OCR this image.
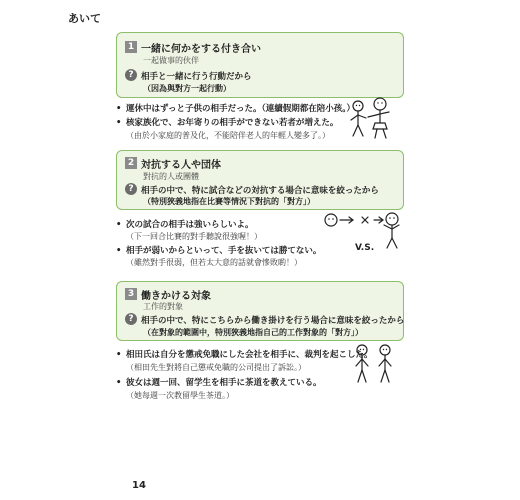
あいて
1 一緒に何かをする付き合い
一起做事的伙伴
? 相手と一緒に行う行動だから
（因為與對方一起行動）
• 運休中はずっと子供の相手だった。（連續假期都在陪小孩。）
• 核家族化で、お年寄りの相手ができない若者が増えた。
（由於小家庭的普及化，不能陪伴老人的年輕人變多了。）
2 対抗する人や団体
對抗的人或團體
? 相手の中で、特に試合などの対抗する場合に意味を絞ったから
（特別狹義地指在比賽等情況下對抗的「對方」）
• 次の試合の相手は強いらしいよ。
（下一回合比賽的對手聽說很強喔！）
• 相手が弱いからといって、手を抜いては勝てない。
（雖然對手很弱，但若太大意的話就會慘敗喲！）
V.S.
3 働きかける対象
工作的對象
? 相手の中で、特にこちらから働き掛けを行う場合に意味を絞ったから
（在對象的範圍中，特別狹義地指自己的工作對象的「對方」）
• 相田氏は自分を懲戒免職にした会社を相手に、裁判を起こした。
（相田先生對將自己懲戒免職的公司提出了訴訟。）
• 彼女は週一回、留学生を相手に茶道を教えている。
（她每週一次教留學生茶道。）
14
